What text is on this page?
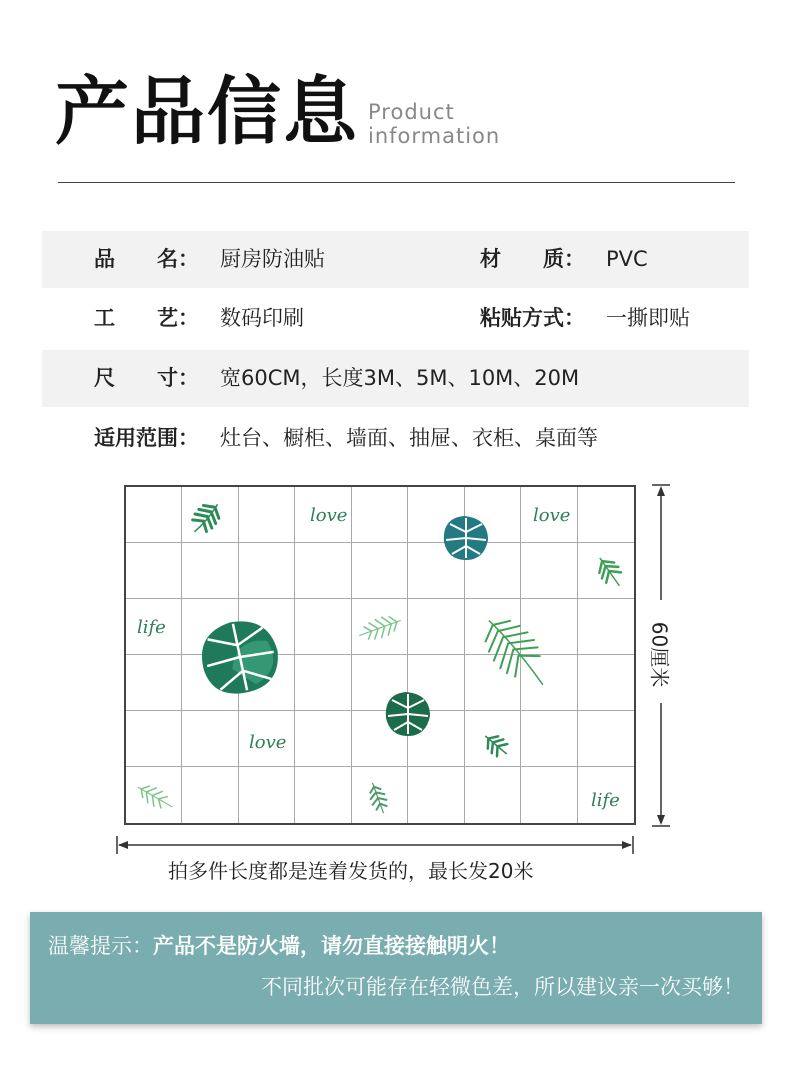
产品信息 Product
information
品　　名： 厨房防油贴	材　　质： PVC
工　　艺： 数码印刷	粘贴方式： 一撕即贴
尺　　寸： 宽60CM，长度3M、5M、10M、20M
适用范围： 灶台、橱柜、墙面、抽屉、衣柜、桌面等
love	love
life
love
life
60厘米
拍多件长度都是连着发货的，最长发20米
温馨提示：产品不是防火墙，请勿直接接触明火！
不同批次可能存在轻微色差，所以建议亲一次买够！
